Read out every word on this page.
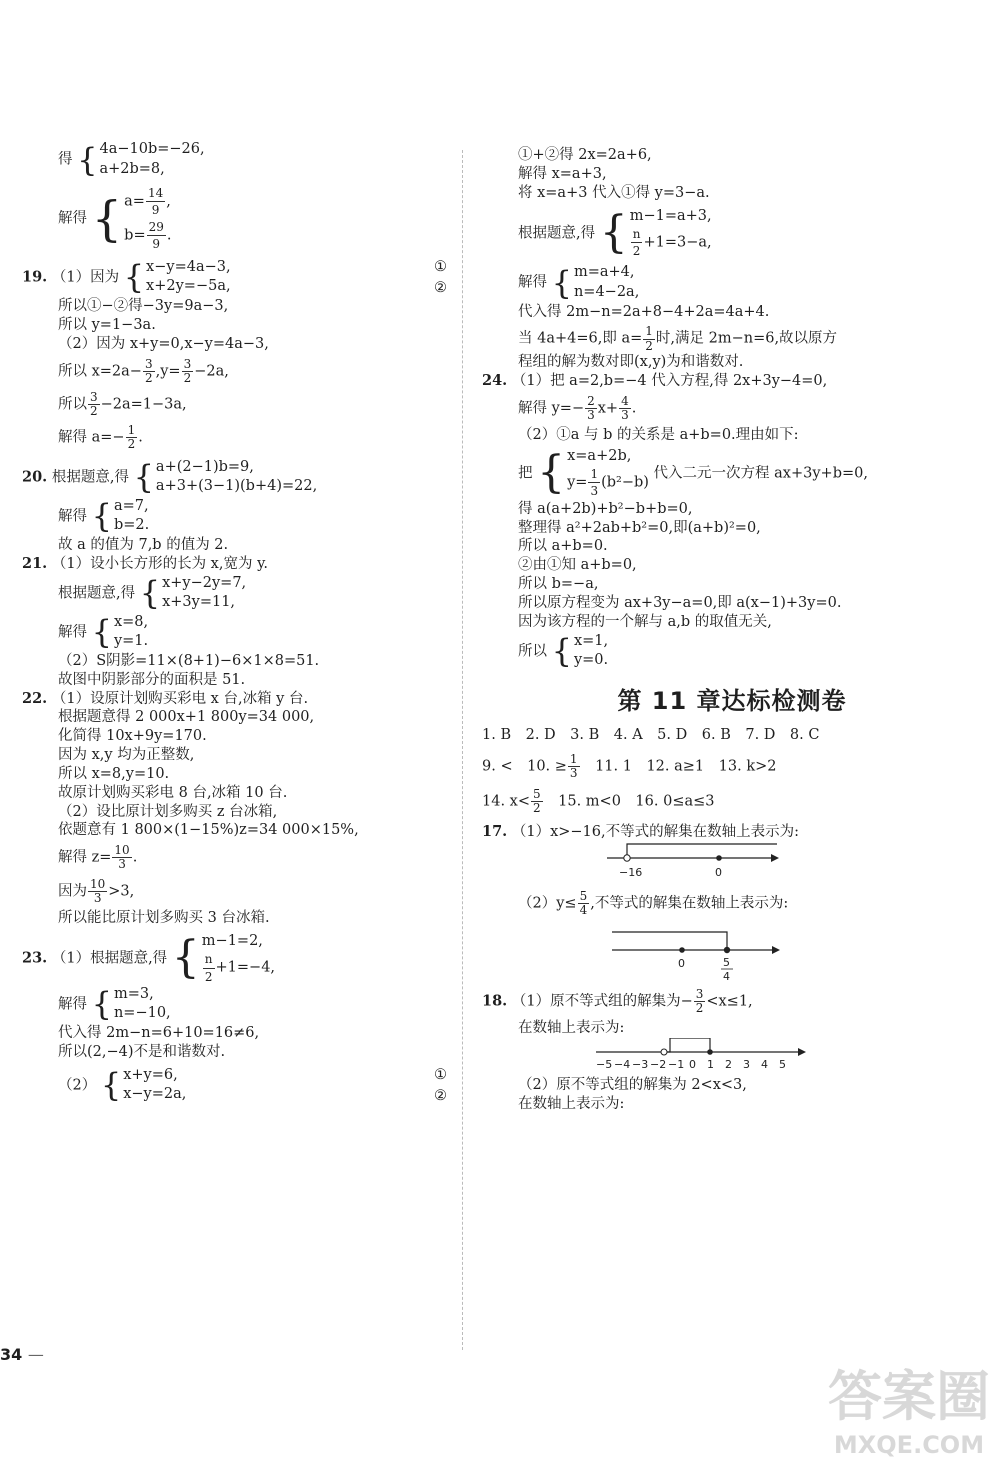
得 { 4a−10b=−26,
a+2b=8,
解得 { $a= \frac{14}{9}$ ,
$b= \frac{29}{9}$ .
19. （1）因为 { x−y=4a−3,
x+2y=−5a,
①
②
所以①−②得−3y=9a−3,
所以 y=1−3a.
（2）因为 x+y=0,x−y=4a−3,
所以 $x=2a- \frac{3}{2} ,y= \frac{3}{2} -2a$,
所以 $\frac{3}{2} -2a=1-3a$,
解得 $a=- \frac{1}{2}$ .
20. 根据题意,得 { a+(2−1)b=9,
a+3+(3−1)(b+4)=22,
解得 { a=7,
b=2.
故 a 的值为 7,b 的值为 2.
21. （1）设小长方形的长为 x,宽为 y.
根据题意,得 { x+y−2y=7,
x+3y=11,
解得 { x=8,
y=1.
（2）S阴影=11×(8+1)−6×1×8=51.
故图中阴影部分的面积是 51.
22. （1）设原计划购买彩电 x 台,冰箱 y 台.
根据题意得 2 000x+1 800y=34 000,
化简得 10x+9y=170.
因为 x,y 均为正整数,
所以 x=8,y=10.
故原计划购买彩电 8 台,冰箱 10 台.
（2）设比原计划多购买 z 台冰箱,
依题意有 1 800×(1−15%)z=34 000×15%,
解得 $z= \frac{10}{3}$ .
因为 $\frac{10}{3} >3$,
所以能比原计划多购买 3 台冰箱.
23. （1）根据题意,得 { m−1=2,
$\frac{n}{2} +1=-4$,
解得 { m=3,
n=−10,
代入得 2m−n=6+10=16≠6,
所以(2,−4)不是和谐数对.
（2） { x+y=6,
x−y=2a,
①
②
①+②得 2x=2a+6,
解得 x=a+3,
将 x=a+3 代入①得 y=3−a.
根据题意,得 { m−1=a+3,
$\frac{n}{2} +1=3-a$,
解得 { m=a+4,
n=4−2a,
代入得 2m−n=2a+8−4+2a=4a+4.
当 4a+4=6,即 $a= \frac{1}{2}$ 时,满足 2m−n=6,故以原方
程组的解为数对即(x,y)为和谐数对.
24. （1）把 a=2,b=−4 代入方程,得 2x+3y−4=0,
解得 $y=- \frac{2}{3} x+ \frac{4}{3}$ .
（2）①a 与 b 的关系是 a+b=0.理由如下:
把 { x=a+2b,
$y= \frac{1}{3} (b^2-b)$
代入二元一次方程 ax+3y+b=0,
得 a(a+2b)+b²−b+b=0,
整理得 a²+2ab+b²=0,即(a+b)²=0,
所以 a+b=0.
②由①知 a+b=0,
所以 b=−a,
所以原方程变为 ax+3y−a=0,即 a(x−1)+3y=0.
因为该方程的一个解与 a,b 的取值无关,
所以 { x=1,
y=0.
第 11 章达标检测卷
1. B　2. D　3. B　4. A　5. D　6. B　7. D　8. C
9. <　10. ≥ $\frac{1}{3}$
　 11. 1　12. a≥1　13. k>2
14. $x< \frac{5}{2}$
　 15. m<0　16. 0≤a≤3
17. （1）x>−16,不等式的解集在数轴上表示为:
−16	0
$(2)y\le \frac{5}{4}$ ,不等式的解集在数轴上表示为:
0	5
4
18. （1）原不等式组的解集为− $\frac{3}{2} <x\le 1$,
在数轴上表示为:
−5 −4 −3 −2 −1 0 1 2 3 4 5
（2）原不等式组的解集为 2<x<3,
在数轴上表示为:
34 —
答案圈
MXQE.COM
